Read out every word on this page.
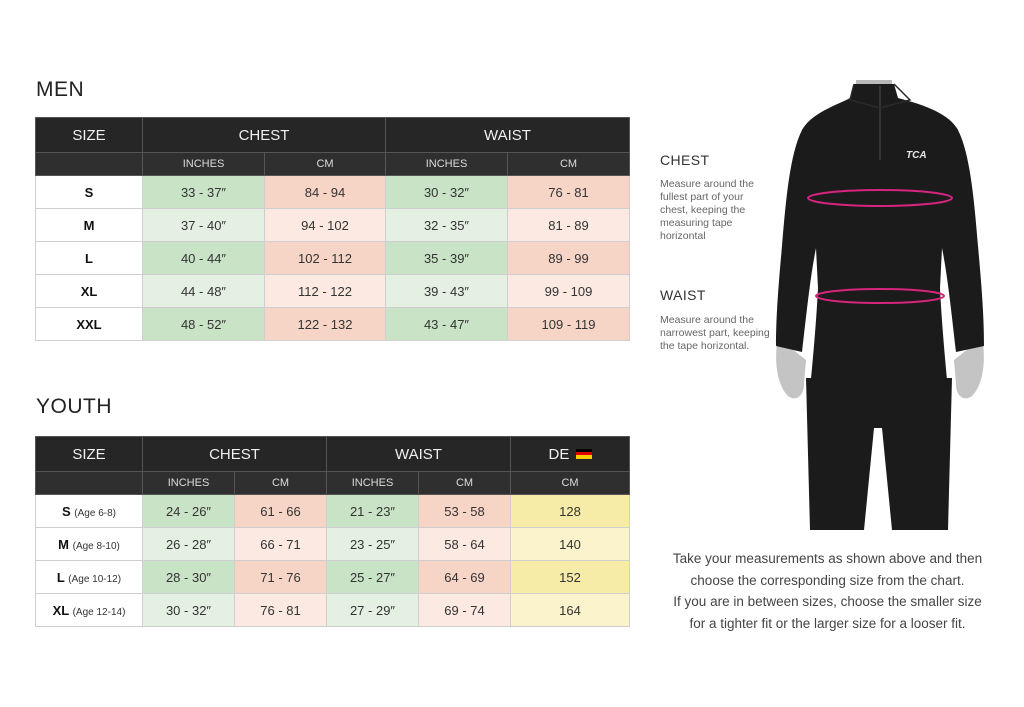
MEN
SIZE	CHEST		WAIST	
	INCHES	CM	INCHES	CM
S	33 - 37″	84 - 94	30 - 32″	76 - 81
M	37 - 40″	94 - 102	32 - 35″	81 - 89
L	40 - 44″	102 - 112	35 - 39″	89 - 99
XL	44 - 48″	112 - 122	39 - 43″	99 - 109
XXL	48 - 52″	122 - 132	43 - 47″	109 - 119
YOUTH
SIZE	CHEST		WAIST		DE

	INCHES	CM	INCHES	CM	CM
S (Age 6-8)	24 - 26″	61 - 66	21 - 23″	53 - 58	128
M (Age 8-10)	26 - 28″	66 - 71	23 - 25″	58 - 64	140
L (Age 10-12)	28 - 30″	71 - 76	25 - 27″	64 - 69	152
XL (Age 12-14)	30 - 32″	76 - 81	27 - 29″	69 - 74	164
CHEST
Measure around the fullest part of your chest, keeping the measuring tape horizontal
WAIST
Measure around the narrowest part, keeping the tape horizontal.
TCA
Take your measurements as shown above and then
choose the corresponding size from the chart.
If you are in between sizes, choose the smaller size
for a tighter fit or the larger size for a looser fit.
